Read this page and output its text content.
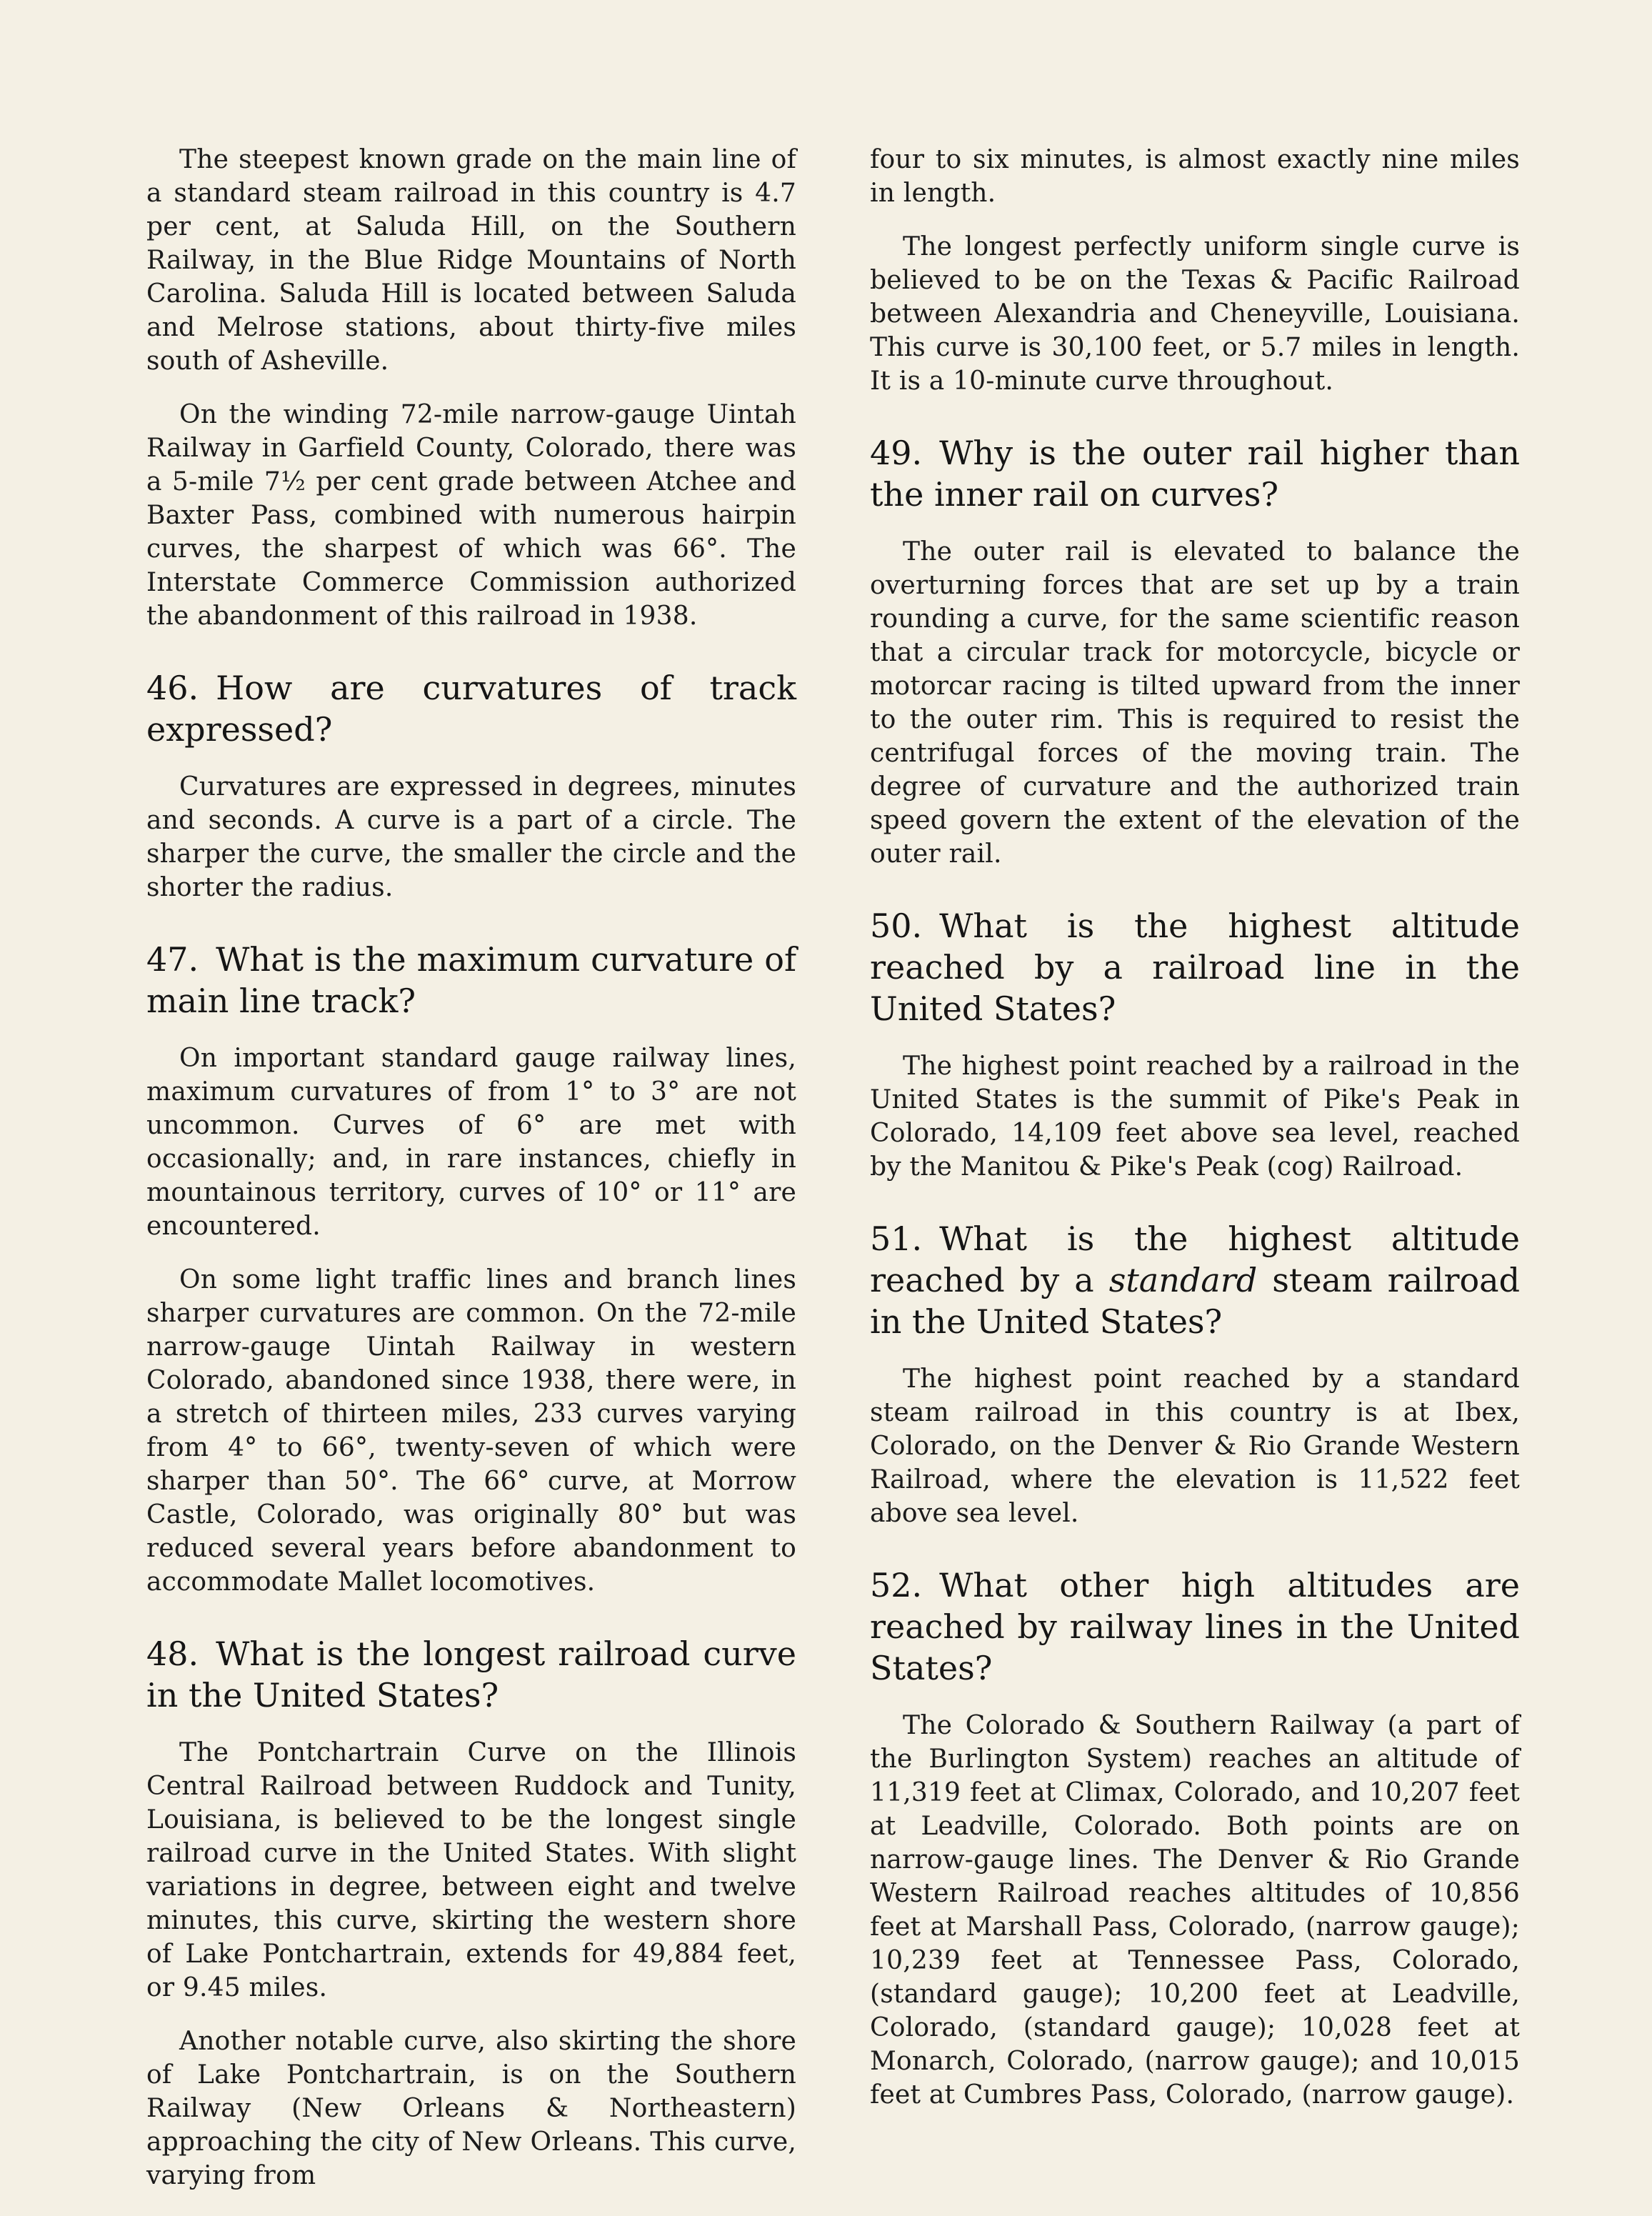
The steepest known grade on the main line of a standard steam railroad in this country is 4.7 per cent, at Saluda Hill, on the Southern Railway, in the Blue Ridge Mountains of North Carolina. Saluda Hill is located between Saluda and Melrose stations, about thirty-five miles south of Asheville.

On the winding 72-mile narrow-gauge Uintah Railway in Garfield County, Colorado, there was a 5-mile 7½ per cent grade between Atchee and Baxter Pass, combined with numerous hairpin curves, the sharpest of which was 66°. The Interstate Commerce Commission authorized the abandonment of this railroad in 1938.

46. How are curvatures of track expressed?

Curvatures are expressed in degrees, minutes and seconds. A curve is a part of a circle. The sharper the curve, the smaller the circle and the shorter the radius.

47. What is the maximum curvature of main line track?

On important standard gauge railway lines, maximum curvatures of from 1° to 3° are not uncommon. Curves of 6° are met with occasionally; and, in rare instances, chiefly in mountainous territory, curves of 10° or 11° are encountered.

On some light traffic lines and branch lines sharper curvatures are common. On the 72-mile narrow-gauge Uintah Railway in western Colorado, abandoned since 1938, there were, in a stretch of thirteen miles, 233 curves varying from 4° to 66°, twenty-seven of which were sharper than 50°. The 66° curve, at Morrow Castle, Colorado, was originally 80° but was reduced several years before abandonment to accommodate Mallet locomotives.

48. What is the longest railroad curve in the United States?

The Pontchartrain Curve on the Illinois Central Railroad between Ruddock and Tunity, Louisiana, is believed to be the longest single railroad curve in the United States. With slight variations in degree, between eight and twelve minutes, this curve, skirting the western shore of Lake Pontchartrain, extends for 49,884 feet, or 9.45 miles.

Another notable curve, also skirting the shore of Lake Pontchartrain, is on the Southern Railway (New Orleans & Northeastern) approaching the city of New Orleans. This curve, varying from

four to six minutes, is almost exactly nine miles in length.

The longest perfectly uniform single curve is believed to be on the Texas & Pacific Railroad between Alexandria and Cheneyville, Louisiana. This curve is 30,100 feet, or 5.7 miles in length. It is a 10-minute curve throughout.

49. Why is the outer rail higher than the inner rail on curves?

The outer rail is elevated to balance the overturning forces that are set up by a train rounding a curve, for the same scientific reason that a circular track for motorcycle, bicycle or motorcar racing is tilted upward from the inner to the outer rim. This is required to resist the centrifugal forces of the moving train. The degree of curvature and the authorized train speed govern the extent of the elevation of the outer rail.

50. What is the highest altitude reached by a railroad line in the United States?

The highest point reached by a railroad in the United States is the summit of Pike's Peak in Colorado, 14,109 feet above sea level, reached by the Manitou & Pike's Peak (cog) Railroad.

51. What is the highest altitude reached by a standard steam railroad in the United States?

The highest point reached by a standard steam railroad in this country is at Ibex, Colorado, on the Denver & Rio Grande Western Railroad, where the elevation is 11,522 feet above sea level.

52. What other high altitudes are reached by railway lines in the United States?

The Colorado & Southern Railway (a part of the Burlington System) reaches an altitude of 11,319 feet at Climax, Colorado, and 10,207 feet at Leadville, Colorado. Both points are on narrow-gauge lines. The Denver & Rio Grande Western Railroad reaches altitudes of 10,856 feet at Marshall Pass, Colorado, (narrow gauge); 10,239 feet at Tennessee Pass, Colorado, (standard gauge); 10,200 feet at Leadville, Colorado, (standard gauge); 10,028 feet at Monarch, Colorado, (narrow gauge); and 10,015 feet at Cumbres Pass, Colorado, (narrow gauge).
